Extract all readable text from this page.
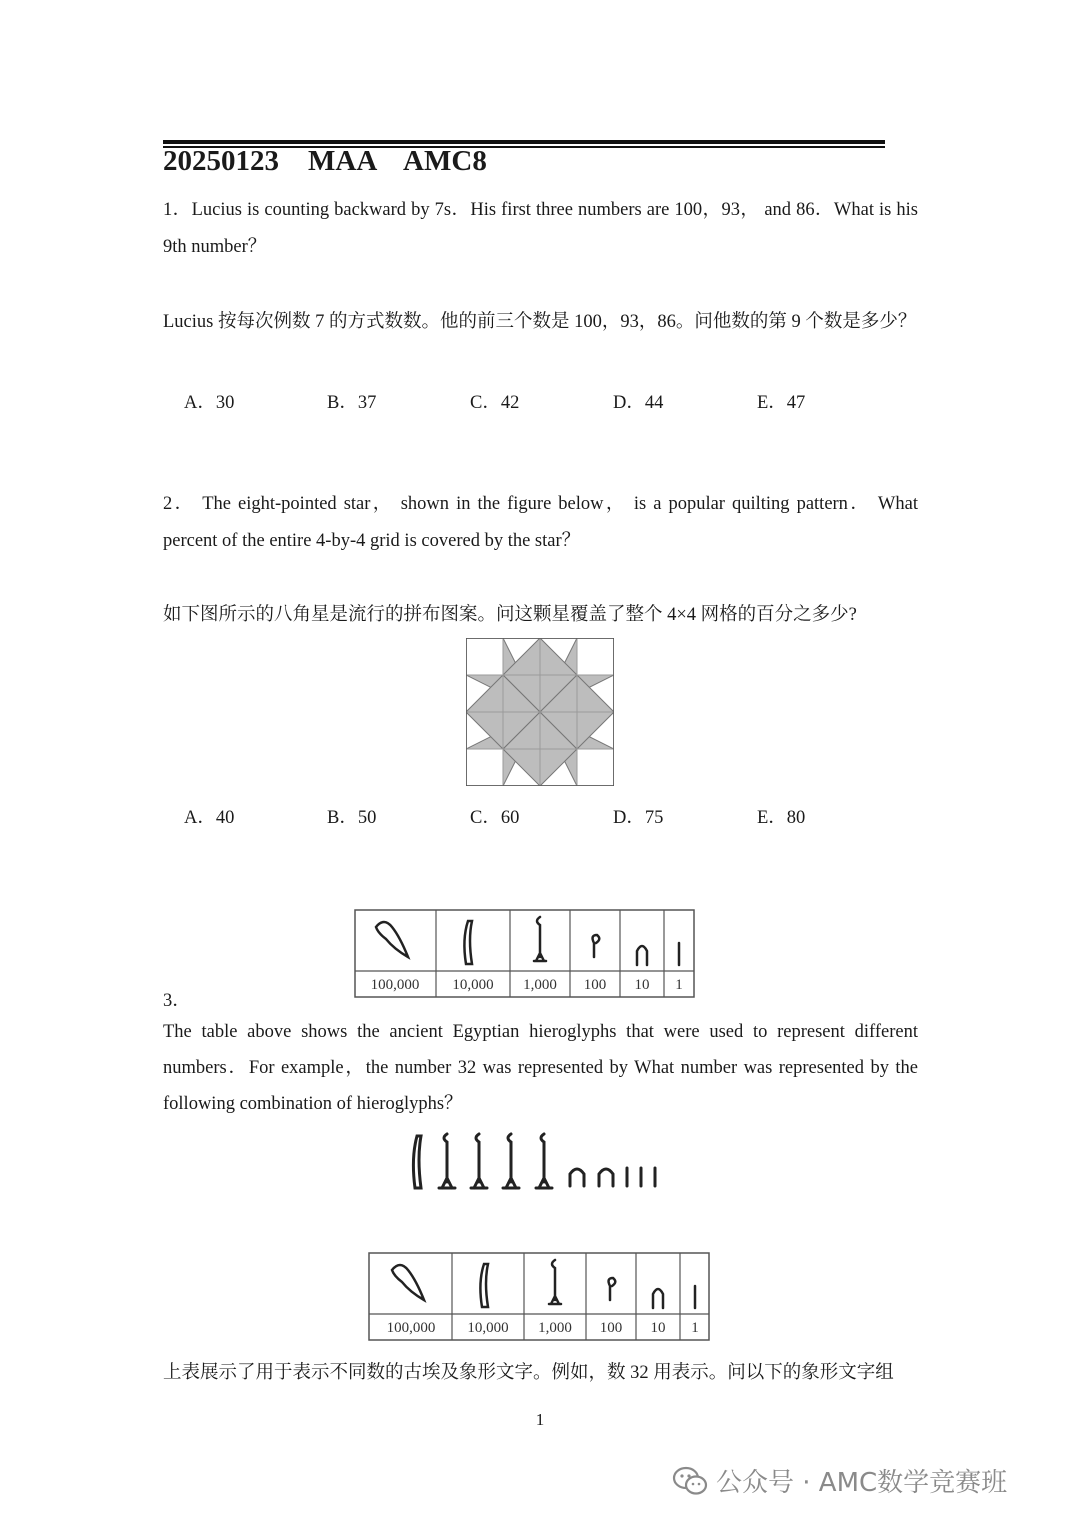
20250123    MAA    AMC8
1．Lucius is counting backward by 7s．His first three numbers are 100，93， and 86．What is his 9th number？
Lucius 按每次例数 7 的方式数数。他的前三个数是 100，93，86。问他数的第 9 个数是多少？
A．30	B．37	C．42	D．44	E．47
2． The eight-pointed star， shown in the figure below， is a popular quilting pattern． What percent of the entire 4-by-4 grid is covered by the star？
如下图所示的八角星是流行的拼布图案。问这颗星覆盖了整个 4×4 网格的百分之多少?
A．40	B．50	C．60	D．75	E．80
100,000 10,000 1,000 100 10 1
3．
The table above shows the ancient Egyptian hieroglyphs that were used to represent different numbers．For example，the number 32 was represented by What number was represented by the following combination of hieroglyphs？
100,000 10,000 1,000 100 10 1
上表展示了用于表示不同数的古埃及象形文字。例如，数 32 用表示。问以下的象形文字组
1
公众号 · AMC数学竞赛班
